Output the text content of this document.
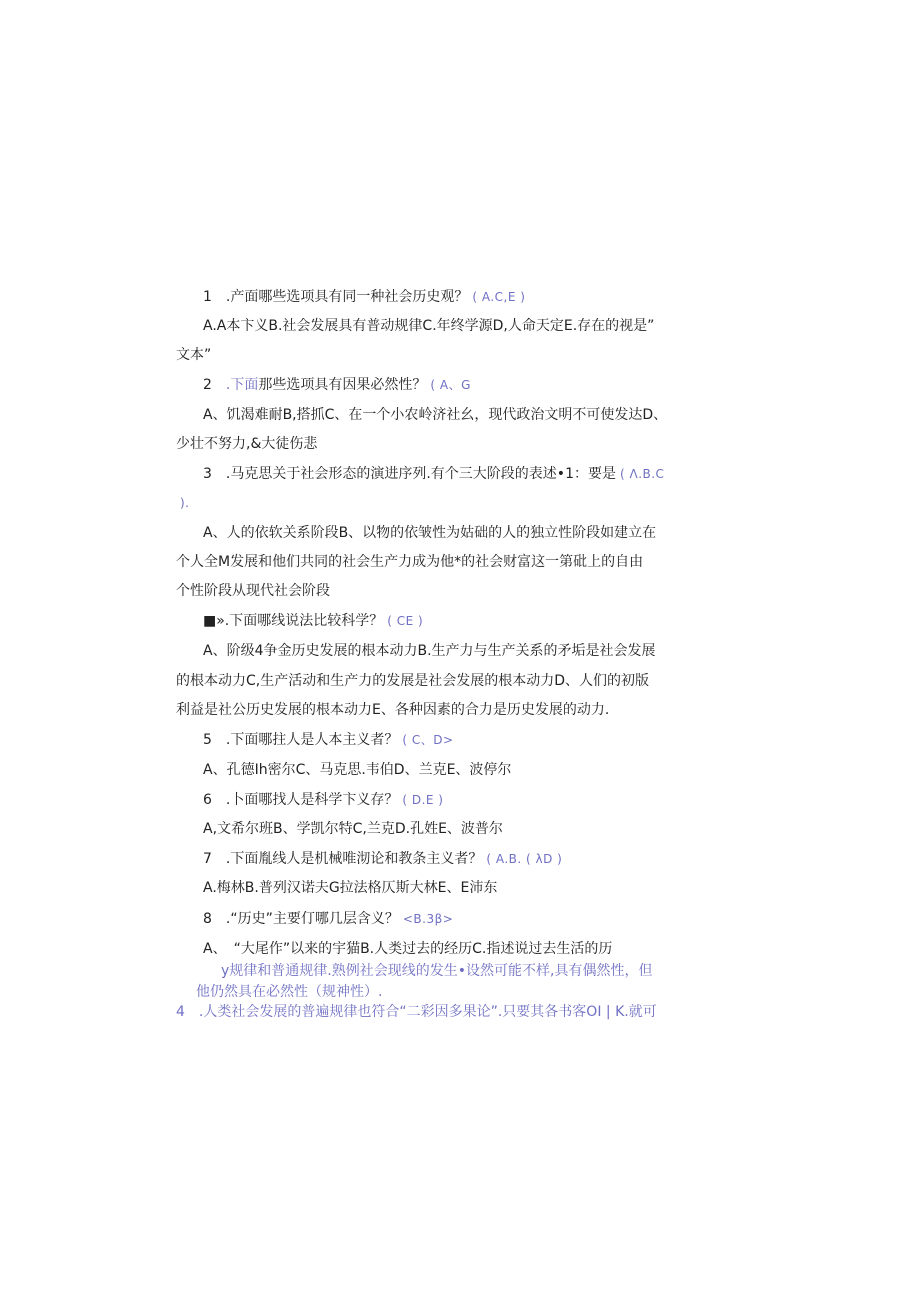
1　.产面哪些选项具有同一种社会历史观？ ( A.C,E )
A.A本卞义B.社会发展具有普动规律C.年终学源D,人命天定E.存在的视是”
文本”
2　.下面那些选项具有因果必然性？ ( A、G
A、饥渴难耐B,搭抓C、在一个小农岭济社幺，现代政治文明不可使发达D、
少壮不努力,&大徒伤悲
3　.马克思关于社会形态的演进序列.有个三大阶段的表述•1：要是 ( Λ.B.C
).
A、人的依软关系阶段B、以物的依皱性为姑础的人的独立性阶段如建立在
个人全M发展和他们共同的社会生产力成为他*的社会财富这一第砒上的自由
个性阶段从现代社会阶段
■».下面哪线说法比较科学？ ( CE )
A、阶级4争金历史发展的根本动力B.生产力与生产关系的矛垢是社会发展
的根本动力C,生产活动和生产力的发展是社会发展的根本动力D、人们的初版
利益是社公历史发展的根本动力E、各种因素的合力是历史发展的动力.
5　.下面哪拄人是人本主义者？ ( C、D>
A、孔德Ih密尔C、马克思.韦伯D、兰克E、波停尔
6　.卜面哪找人是科学卞义存？ ( D.E )
A,文希尔班B、学凯尔特C,兰克D.孔姓E、波普尔
7　.下面胤线人是机械唯沏论和教条主义者？ ( A.B. ( λD )
A.梅林B.普列汉诺夫G拉法格仄斯大林E、E沛东
8　.“历史”主要仃哪几层含义？ <B.3β>
A、　“大尾作”以来的宇猫B.人类过去的经历C.指述说过去生活的历
y规律和普通规律.熟例社会现线的发生•设然可能不样,具有偶然性，但
他仍然具在必然性（规神性）.
4　.人类社会发展的普遍规律也符合“二彩因多果论”.只要其各书客OI | K.就可
